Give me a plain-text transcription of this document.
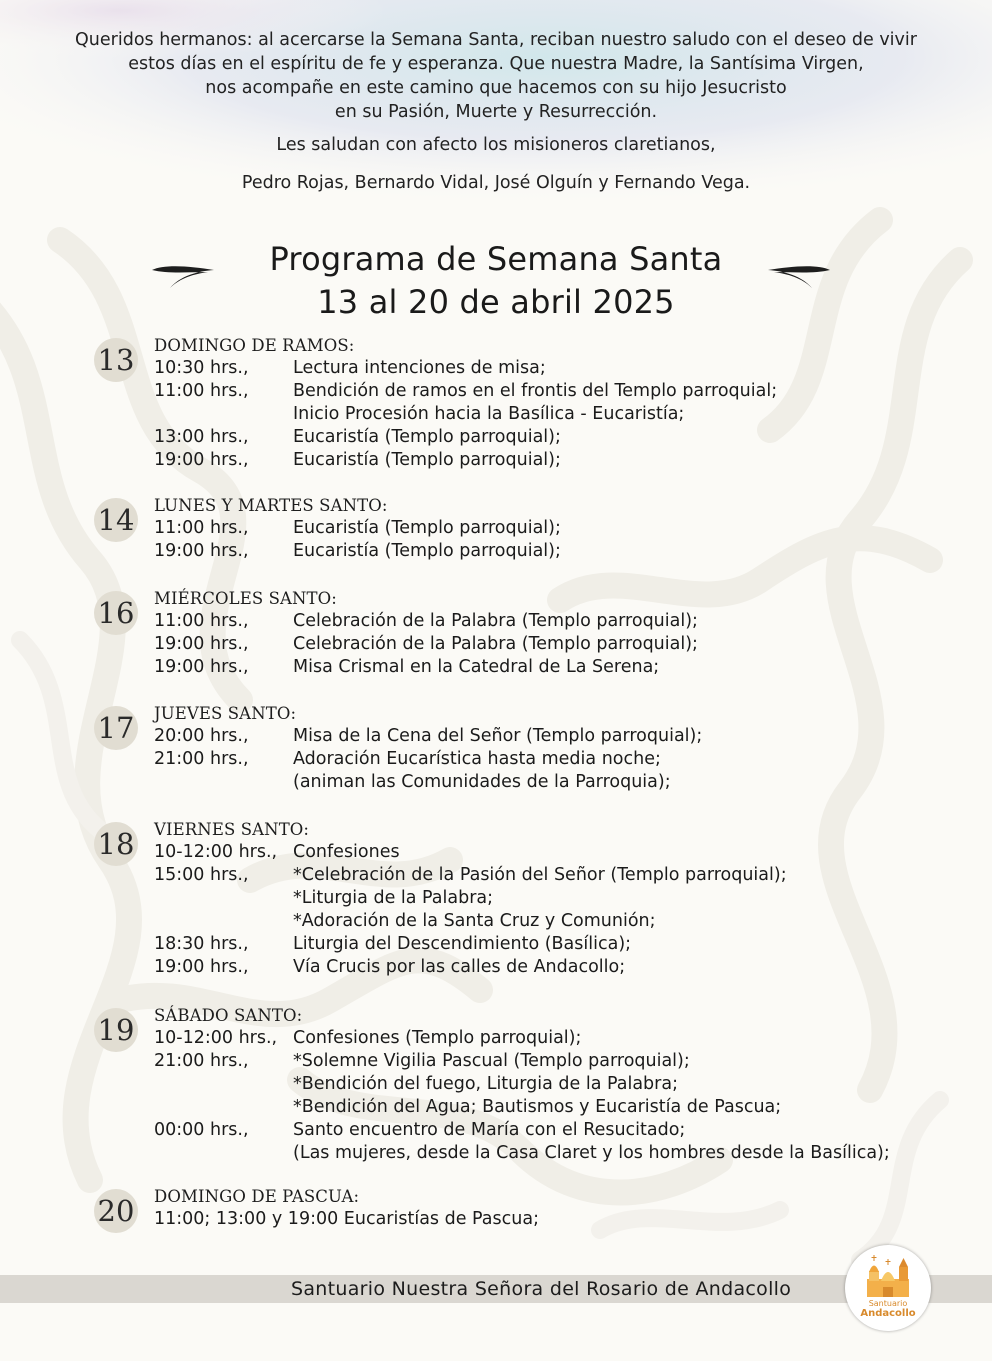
Queridos hermanos: al acercarse la Semana Santa, reciban nuestro saludo con el deseo de vivir

estos días en el espíritu de fe y esperanza. Que nuestra Madre, la Santísima Virgen,

nos acompañe en este camino que hacemos con su hijo Jesucristo

en su Pasión, Muerte y Resurrección.

Les saludan con afecto los misioneros claretianos,

Pedro Rojas, Bernardo Vidal, José Olguín y Fernando Vega.

Programa de Semana Santa
13 al 20 de abril 2025
13 DOMINGO DE RAMOS:
10:30 hrs.,	Lectura intenciones de misa;
11:00 hrs.,	Bendición de ramos en el frontis del Templo parroquial;
Inicio Procesión hacia la Basílica - Eucaristía;
13:00 hrs.,	Eucaristía (Templo parroquial);
19:00 hrs.,	Eucaristía (Templo parroquial);
14 LUNES Y MARTES SANTO:
11:00 hrs.,	Eucaristía (Templo parroquial);
19:00 hrs.,	Eucaristía (Templo parroquial);
16 MIÉRCOLES SANTO:
11:00 hrs.,	Celebración de la Palabra (Templo parroquial);
19:00 hrs.,	Celebración de la Palabra (Templo parroquial);
19:00 hrs.,	Misa Crismal en la Catedral de La Serena;
17 JUEVES SANTO:
20:00 hrs.,	Misa de la Cena del Señor (Templo parroquial);
21:00 hrs.,	Adoración Eucarística hasta media noche;
(animan las Comunidades de la Parroquia);
18 VIERNES SANTO:
10-12:00 hrs., Confesiones
15:00 hrs.,	*Celebración de la Pasión del Señor (Templo parroquial);
*Liturgia de la Palabra;
*Adoración de la Santa Cruz y Comunión;
18:30 hrs.,	Liturgia del Descendimiento (Basílica);
19:00 hrs.,	Vía Crucis por las calles de Andacollo;
19 SÁBADO SANTO:
10-12:00 hrs., Confesiones (Templo parroquial);
21:00 hrs.,	*Solemne Vigilia Pascual (Templo parroquial);
*Bendición del fuego, Liturgia de la Palabra;
*Bendición del Agua; Bautismos y Eucaristía de Pascua;
00:00 hrs.,	Santo encuentro de María con el Resucitado;
(Las mujeres, desde la Casa Claret y los hombres desde la Basílica);
20 DOMINGO DE PASCUA:
11:00; 13:00 y 19:00 Eucaristías de Pascua;
Santuario Nuestra Señora del Rosario de Andacollo
Santuario
Andacollo
